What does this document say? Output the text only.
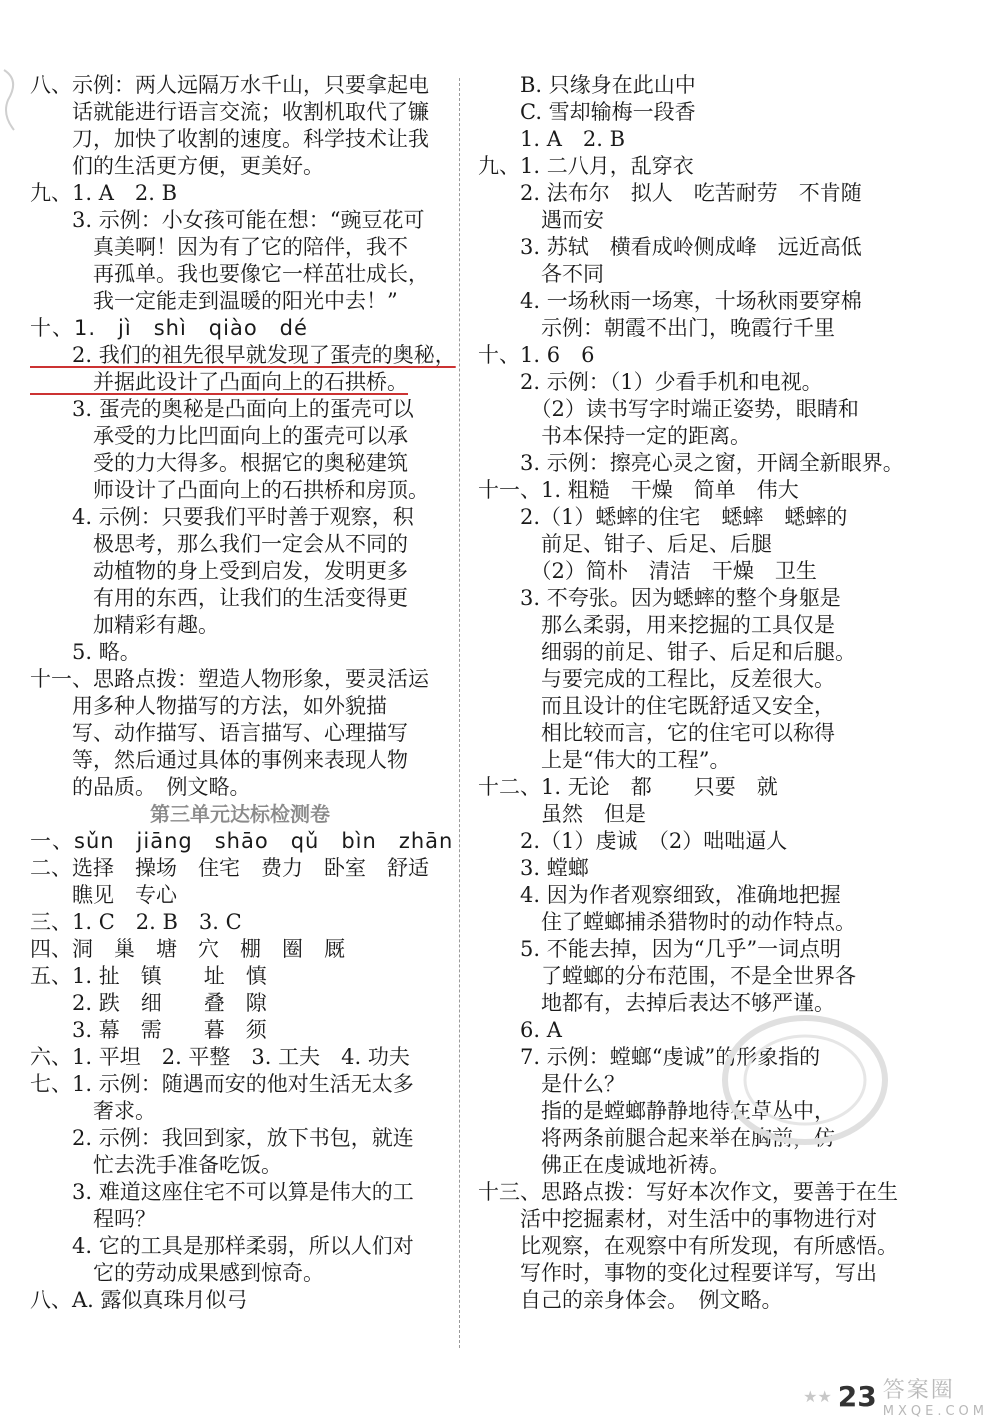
八、示例：两人远隔万水千山，只要拿起电
　　话就能进行语言交流；收割机取代了镰
　　刀，加快了收割的速度。科学技术让我
　　们的生活更方便，更美好。
九、1. A　2. B
　　3. 示例：小女孩可能在想：“豌豆花可
　　　真美啊！因为有了它的陪伴，我不
　　　再孤单。我也要像它一样茁壮成长，
　　　我一定能走到温暖的阳光中去！”
十、1.　jì　shì　qiào　dé
　　2. 我们的祖先很早就发现了蛋壳的奥秘，
　　　并据此设计了凸面向上的石拱桥。
　　3. 蛋壳的奥秘是凸面向上的蛋壳可以
　　　承受的力比凹面向上的蛋壳可以承
　　　受的力大得多。根据它的奥秘建筑
　　　师设计了凸面向上的石拱桥和房顶。
　　4. 示例：只要我们平时善于观察，积
　　　极思考，那么我们一定会从不同的
　　　动植物的身上受到启发，发明更多
　　　有用的东西，让我们的生活变得更
　　　加精彩有趣。
　　5. 略。
十一、思路点拨：塑造人物形象，要灵活运
　　用多种人物描写的方法，如外貌描
　　写、动作描写、语言描写、心理描写
　　等，然后通过具体的事例来表现人物
　　的品质。　例文略。
第三单元达标检测卷
一、sǔn　jiāng　shāo　qǔ　bìn　zhān
二、选择　操场　住宅　费力　卧室　舒适
　　瞧见　专心
三、1. C　2. B　3. C
四、洞　巢　塘　穴　棚　圈　厩
五、1. 扯　镇　　址　慎
　　2. 跌　细　　叠　隙
　　3. 幕　需　　暮　须
六、1. 平坦　2. 平整　3. 工夫　4. 功夫
七、1. 示例：随遇而安的他对生活无太多
　　　奢求。
　　2. 示例：我回到家，放下书包，就连
　　　忙去洗手准备吃饭。
　　3. 难道这座住宅不可以算是伟大的工
　　　程吗？
　　4. 它的工具是那样柔弱，所以人们对
　　　它的劳动成果感到惊奇。
八、A. 露似真珠月似弓
　　B. 只缘身在此山中
　　C. 雪却输梅一段香
　　1. A　2. B
九、1. 二八月，乱穿衣
　　2. 法布尔　拟人　吃苦耐劳　不肯随
　　　遇而安
　　3. 苏轼　横看成岭侧成峰　远近高低
　　　各不同
　　4. 一场秋雨一场寒，十场秋雨要穿棉
　　　示例：朝霞不出门，晚霞行千里
十、1. 6　6
　　2. 示例：（1）少看手机和电视。
　　　（2）读书写字时端正姿势，眼睛和
　　　书本保持一定的距离。
　　3. 示例：擦亮心灵之窗，开阔全新眼界。
十一、1. 粗糙　干燥　简单　伟大
　　2.（1）蟋蟀的住宅　蟋蟀　蟋蟀的
　　　前足、钳子、后足、后腿
　　　（2）简朴　清洁　干燥　卫生
　　3. 不夸张。因为蟋蟀的整个身躯是
　　　那么柔弱，用来挖掘的工具仅是
　　　细弱的前足、钳子、后足和后腿。
　　　与要完成的工程比，反差很大。
　　　而且设计的住宅既舒适又安全，
　　　相比较而言，它的住宅可以称得
　　　上是“伟大的工程”。
十二、1. 无论　都　　只要　就
　　　虽然　但是
　　2.（1）虔诚　（2）咄咄逼人
　　3. 螳螂
　　4. 因为作者观察细致，准确地把握
　　　住了螳螂捕杀猎物时的动作特点。
　　5. 不能去掉，因为“几乎”一词点明
　　　了螳螂的分布范围，不是全世界各
　　　地都有，去掉后表达不够严谨。
　　6. A
　　7. 示例：螳螂“虔诚”的形象指的
　　　是什么？
　　　指的是螳螂静静地待在草丛中，
　　　将两条前腿合起来举在胸前，仿
　　　佛正在虔诚地祈祷。
十三、思路点拨：写好本次作文，要善于在生
　　活中挖掘素材，对生活中的事物进行对
　　比观察，在观察中有所发现，有所感悟。
　　写作时，事物的变化过程要详写，写出
　　自己的亲身体会。　例文略。
★★ 23 答案圈
MXQE.COM
